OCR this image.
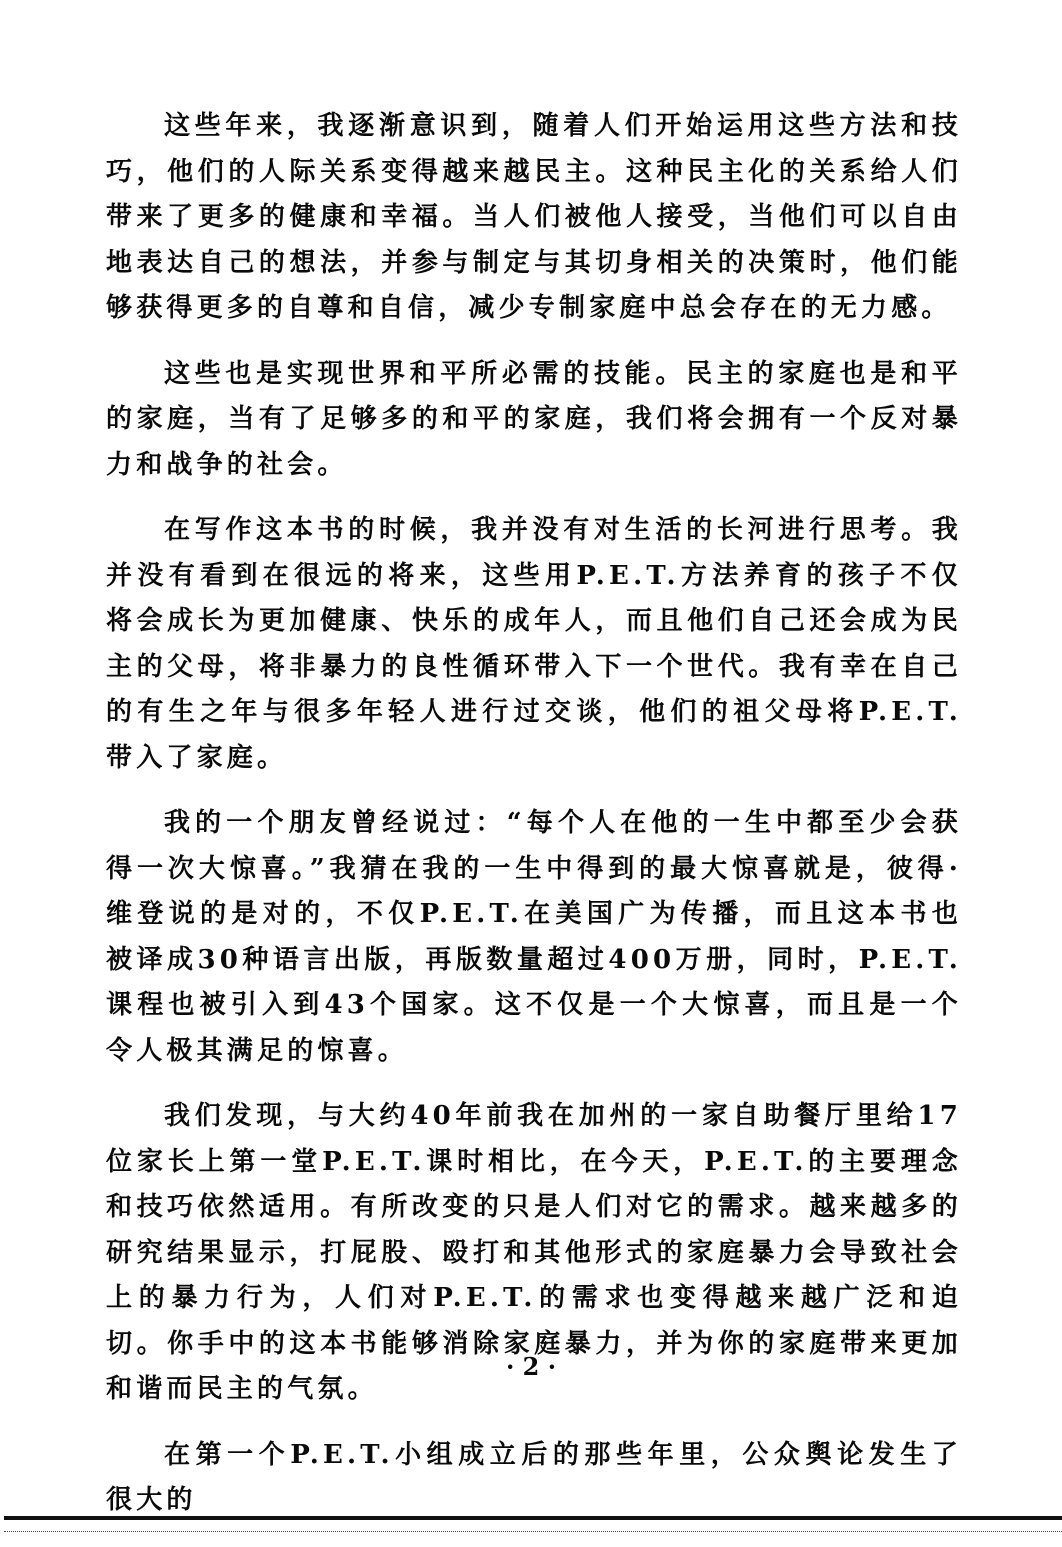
这些年来，我逐渐意识到，随着人们开始运用这些方法和技巧，他们的人际关系变得越来越民主。这种民主化的关系给人们带来了更多的健康和幸福。当人们被他人接受，当他们可以自由地表达自己的想法，并参与制定与其切身相关的决策时，他们能够获得更多的自尊和自信，减少专制家庭中总会存在的无力感。

这些也是实现世界和平所必需的技能。民主的家庭也是和平的家庭，当有了足够多的和平的家庭，我们将会拥有一个反对暴力和战争的社会。

在写作这本书的时候，我并没有对生活的长河进行思考。我并没有看到在很远的将来，这些用P.E.T.方法养育的孩子不仅将会成长为更加健康、快乐的成年人，而且他们自己还会成为民主的父母，将非暴力的良性循环带入下一个世代。我有幸在自己的有生之年与很多年轻人进行过交谈，他们的祖父母将P.E.T.带入了家庭。

我的一个朋友曾经说过：“每个人在他的一生中都至少会获得一次大惊喜。”我猜在我的一生中得到的最大惊喜就是，彼得·维登说的是对的，不仅P.E.T.在美国广为传播，而且这本书也被译成30种语言出版，再版数量超过400万册，同时，P.E.T.课程也被引入到43个国家。这不仅是一个大惊喜，而且是一个令人极其满足的惊喜。

我们发现，与大约40年前我在加州的一家自助餐厅里给17位家长上第一堂P.E.T.课时相比，在今天，P.E.T.的主要理念和技巧依然适用。有所改变的只是人们对它的需求。越来越多的研究结果显示，打屁股、殴打和其他形式的家庭暴力会导致社会上的暴力行为，人们对P.E.T.的需求也变得越来越广泛和迫切。你手中的这本书能够消除家庭暴力，并为你的家庭带来更加和谐而民主的气氛。

在第一个P.E.T.小组成立后的那些年里，公众舆论发生了很大的

· 2 ·
